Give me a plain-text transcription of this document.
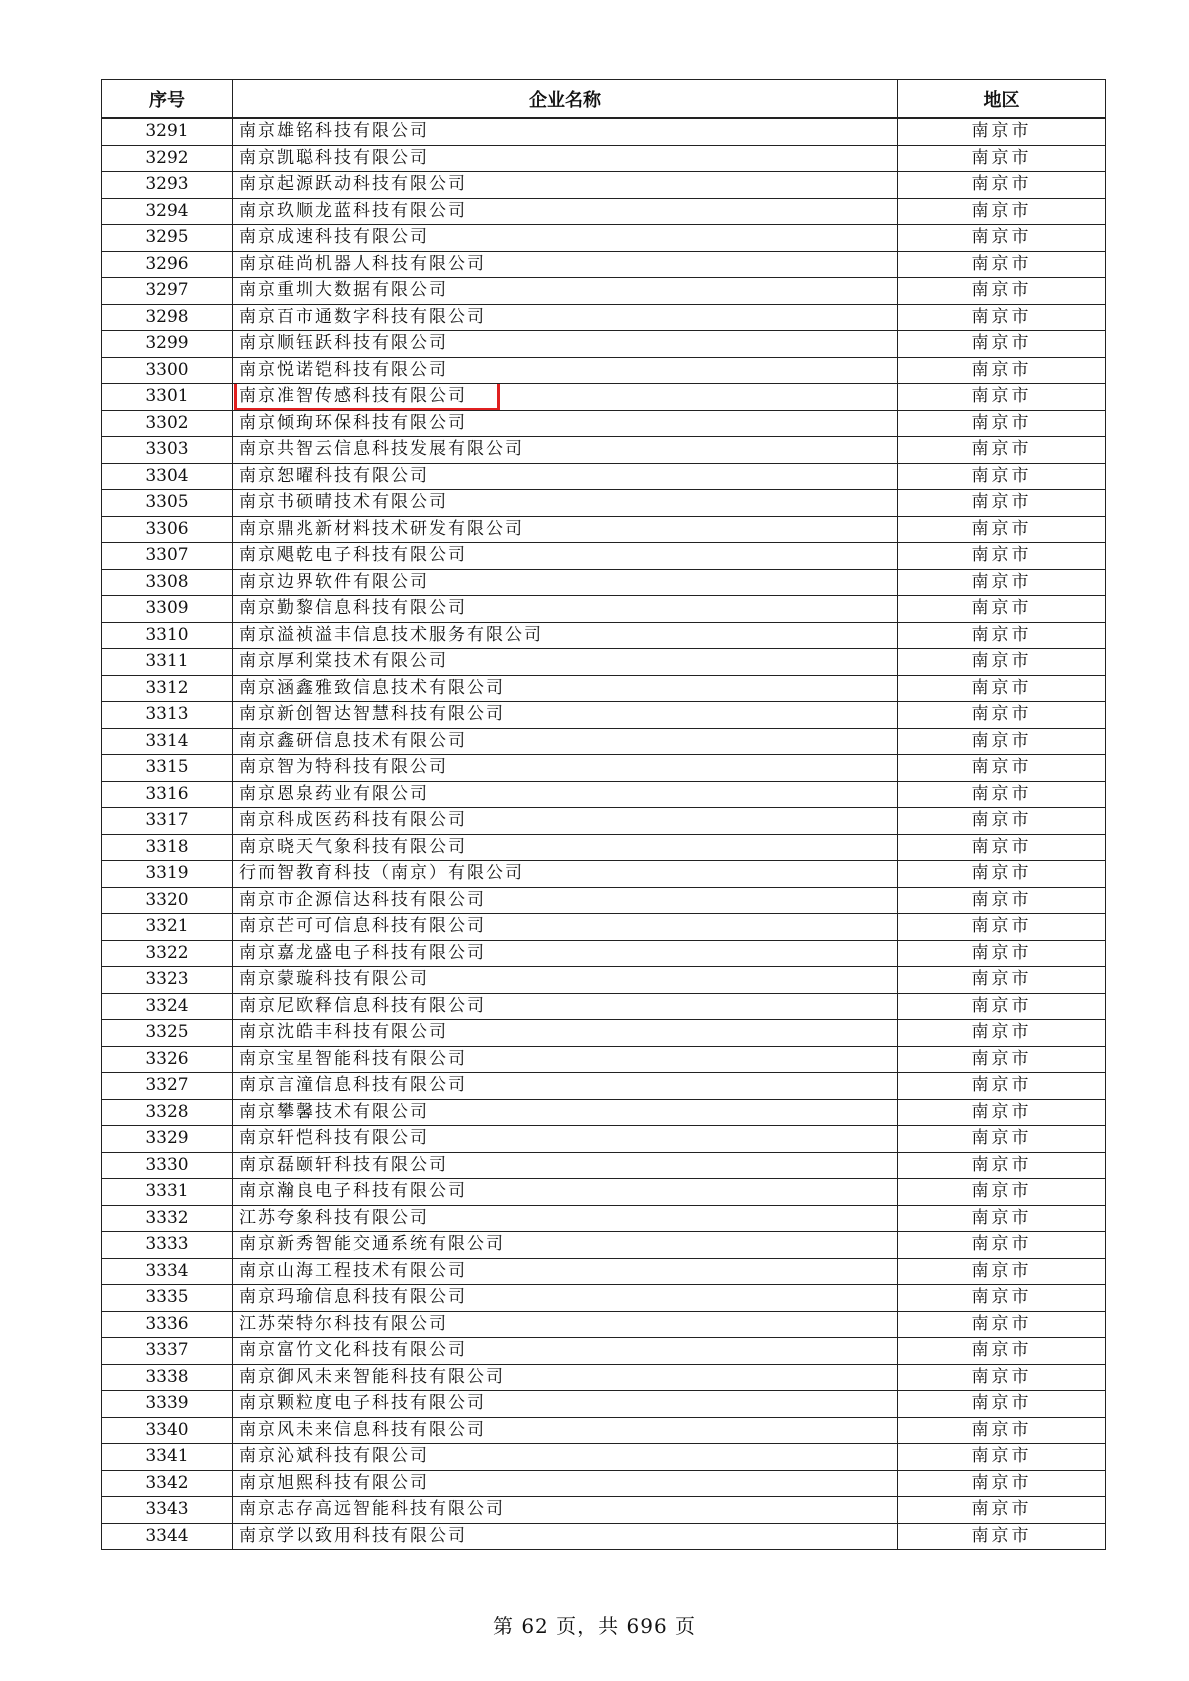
序号	企业名称	地区
3291	南京雄铭科技有限公司	南京市
3292	南京凯聪科技有限公司	南京市
3293	南京起源跃动科技有限公司	南京市
3294	南京玖顺龙蓝科技有限公司	南京市
3295	南京成速科技有限公司	南京市
3296	南京硅尚机器人科技有限公司	南京市
3297	南京重圳大数据有限公司	南京市
3298	南京百市通数字科技有限公司	南京市
3299	南京顺钰跃科技有限公司	南京市
3300	南京悦诺铠科技有限公司	南京市
3301	南京准智传感科技有限公司	南京市
3302	南京倾珣环保科技有限公司	南京市
3303	南京共智云信息科技发展有限公司	南京市
3304	南京恕曜科技有限公司	南京市
3305	南京书硕晴技术有限公司	南京市
3306	南京鼎兆新材料技术研发有限公司	南京市
3307	南京飓乾电子科技有限公司	南京市
3308	南京边界软件有限公司	南京市
3309	南京勤黎信息科技有限公司	南京市
3310	南京溢祯溢丰信息技术服务有限公司	南京市
3311	南京厚利棠技术有限公司	南京市
3312	南京涵鑫雅致信息技术有限公司	南京市
3313	南京新创智达智慧科技有限公司	南京市
3314	南京鑫研信息技术有限公司	南京市
3315	南京智为特科技有限公司	南京市
3316	南京恩泉药业有限公司	南京市
3317	南京科成医药科技有限公司	南京市
3318	南京晓天气象科技有限公司	南京市
3319	行而智教育科技（南京）有限公司	南京市
3320	南京市企源信达科技有限公司	南京市
3321	南京芒可可信息科技有限公司	南京市
3322	南京嘉龙盛电子科技有限公司	南京市
3323	南京蒙璇科技有限公司	南京市
3324	南京尼欧释信息科技有限公司	南京市
3325	南京沈皓丰科技有限公司	南京市
3326	南京宝星智能科技有限公司	南京市
3327	南京言潼信息科技有限公司	南京市
3328	南京攀馨技术有限公司	南京市
3329	南京轩恺科技有限公司	南京市
3330	南京磊颐轩科技有限公司	南京市
3331	南京瀚良电子科技有限公司	南京市
3332	江苏夸象科技有限公司	南京市
3333	南京新秀智能交通系统有限公司	南京市
3334	南京山海工程技术有限公司	南京市
3335	南京玛瑜信息科技有限公司	南京市
3336	江苏荣特尔科技有限公司	南京市
3337	南京富竹文化科技有限公司	南京市
3338	南京御风未来智能科技有限公司	南京市
3339	南京颗粒度电子科技有限公司	南京市
3340	南京风未来信息科技有限公司	南京市
3341	南京沁斌科技有限公司	南京市
3342	南京旭熙科技有限公司	南京市
3343	南京志存高远智能科技有限公司	南京市
3344	南京学以致用科技有限公司	南京市
第 62 页，共 696 页
